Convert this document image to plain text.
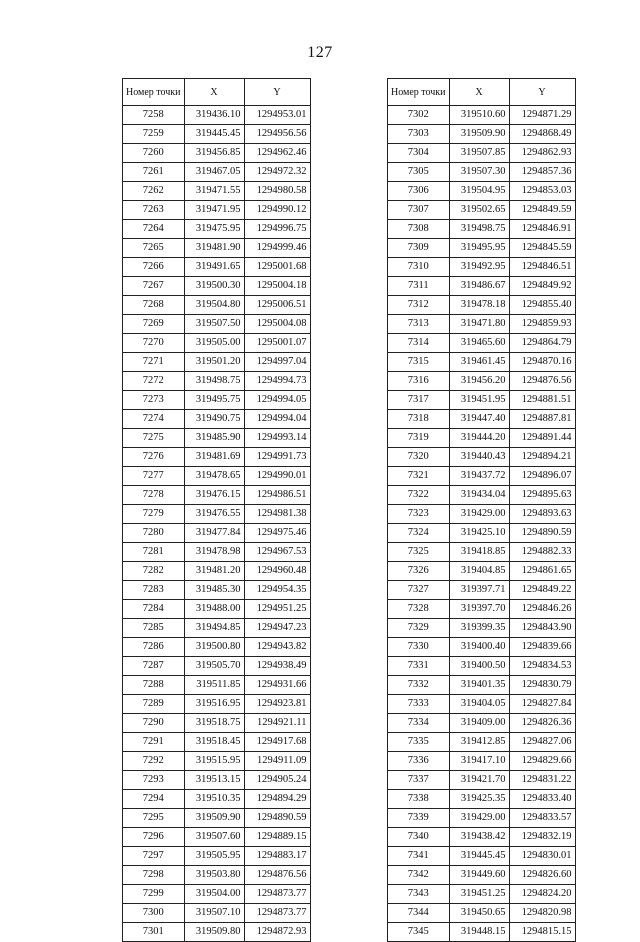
127
Номер точки	X	Y
7258	319436.10	1294953.01
7259	319445.45	1294956.56
7260	319456.85	1294962.46
7261	319467.05	1294972.32
7262	319471.55	1294980.58
7263	319471.95	1294990.12
7264	319475.95	1294996.75
7265	319481.90	1294999.46
7266	319491.65	1295001.68
7267	319500.30	1295004.18
7268	319504.80	1295006.51
7269	319507.50	1295004.08
7270	319505.00	1295001.07
7271	319501.20	1294997.04
7272	319498.75	1294994.73
7273	319495.75	1294994.05
7274	319490.75	1294994.04
7275	319485.90	1294993.14
7276	319481.69	1294991.73
7277	319478.65	1294990.01
7278	319476.15	1294986.51
7279	319476.55	1294981.38
7280	319477.84	1294975.46
7281	319478.98	1294967.53
7282	319481.20	1294960.48
7283	319485.30	1294954.35
7284	319488.00	1294951.25
7285	319494.85	1294947.23
7286	319500.80	1294943.82
7287	319505.70	1294938.49
7288	319511.85	1294931.66
7289	319516.95	1294923.81
7290	319518.75	1294921.11
7291	319518.45	1294917.68
7292	319515.95	1294911.09
7293	319513.15	1294905.24
7294	319510.35	1294894.29
7295	319509.90	1294890.59
7296	319507.60	1294889.15
7297	319505.95	1294883.17
7298	319503.80	1294876.56
7299	319504.00	1294873.77
7300	319507.10	1294873.77
7301	319509.80	1294872.93
Номер точки	X	Y
7302	319510.60	1294871.29
7303	319509.90	1294868.49
7304	319507.85	1294862.93
7305	319507.30	1294857.36
7306	319504.95	1294853.03
7307	319502.65	1294849.59
7308	319498.75	1294846.91
7309	319495.95	1294845.59
7310	319492.95	1294846.51
7311	319486.67	1294849.92
7312	319478.18	1294855.40
7313	319471.80	1294859.93
7314	319465.60	1294864.79
7315	319461.45	1294870.16
7316	319456.20	1294876.56
7317	319451.95	1294881.51
7318	319447.40	1294887.81
7319	319444.20	1294891.44
7320	319440.43	1294894.21
7321	319437.72	1294896.07
7322	319434.04	1294895.63
7323	319429.00	1294893.63
7324	319425.10	1294890.59
7325	319418.85	1294882.33
7326	319404.85	1294861.65
7327	319397.71	1294849.22
7328	319397.70	1294846.26
7329	319399.35	1294843.90
7330	319400.40	1294839.66
7331	319400.50	1294834.53
7332	319401.35	1294830.79
7333	319404.05	1294827.84
7334	319409.00	1294826.36
7335	319412.85	1294827.06
7336	319417.10	1294829.66
7337	319421.70	1294831.22
7338	319425.35	1294833.40
7339	319429.00	1294833.57
7340	319438.42	1294832.19
7341	319445.45	1294830.01
7342	319449.60	1294826.60
7343	319451.25	1294824.20
7344	319450.65	1294820.98
7345	319448.15	1294815.15
